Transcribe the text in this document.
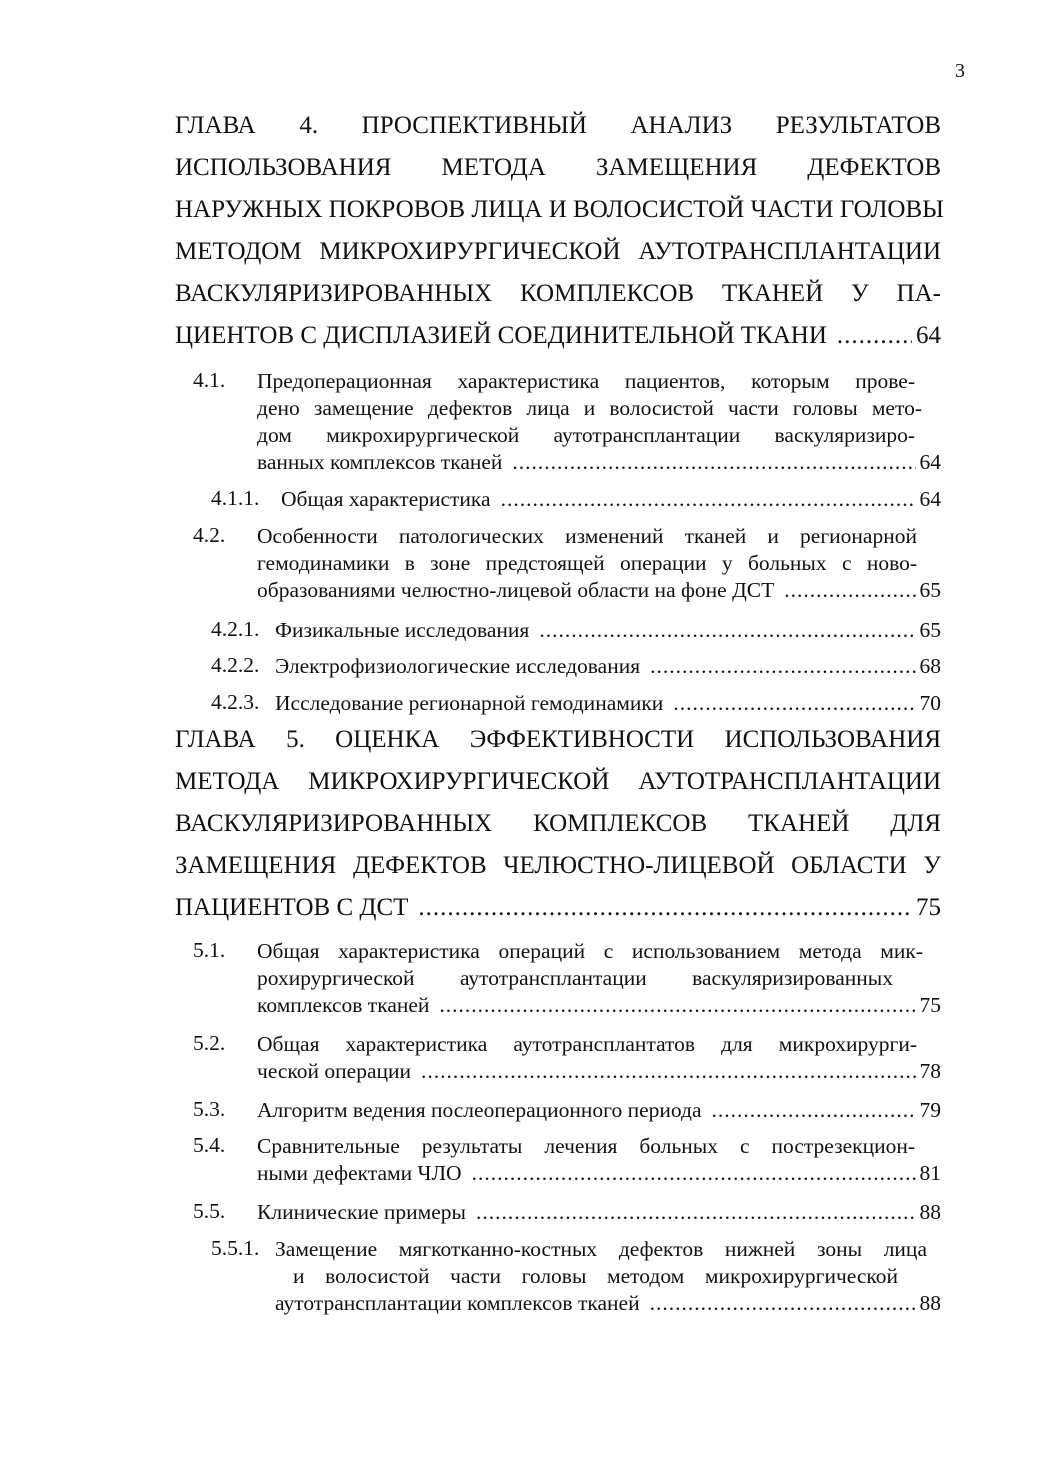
3
ГЛАВА 4. ПРОСПЕКТИВНЫЙ АНАЛИЗ РЕЗУЛЬТАТОВ
ИСПОЛЬЗОВАНИЯ МЕТОДА ЗАМЕЩЕНИЯ ДЕФЕКТОВ
НАРУЖНЫХ ПОКРОВОВ ЛИЦА И ВОЛОСИСТОЙ ЧАСТИ ГОЛОВЫ
МЕТОДОМ МИКРОХИРУРГИЧЕСКОЙ АУТОТРАНСПЛАНТАЦИИ
ВАСКУЛЯРИЗИРОВАННЫХ КОМПЛЕКСОВ ТКАНЕЙ У ПА-
ЦИЕНТОВ С ДИСПЛАЗИЕЙ СОЕДИНИТЕЛЬНОЙ ТКАНИ .....	64
4.1. Предоперационная характеристика пациентов, которым прове-
дено замещение дефектов лица и волосистой части головы мето-
дом микрохирургической аутотрансплантации васкуляризиро-
ванных комплексов тканей .....	64
4.1.1. Общая характеристика .....	64
4.2. Особенности патологических изменений тканей и регионарной
гемодинамики в зоне предстоящей операции у больных с ново-
образованиями челюстно-лицевой области на фоне ДСТ .....	65
4.2.1. Физикальные исследования .....	65
4.2.2. Электрофизиологические исследования .....	68
4.2.3. Исследование регионарной гемодинамики .....	70
ГЛАВА 5. ОЦЕНКА ЭФФЕКТИВНОСТИ ИСПОЛЬЗОВАНИЯ
МЕТОДА МИКРОХИРУРГИЧЕСКОЙ АУТОТРАНСПЛАНТАЦИИ
ВАСКУЛЯРИЗИРОВАННЫХ КОМПЛЕКСОВ ТКАНЕЙ ДЛЯ
ЗАМЕЩЕНИЯ ДЕФЕКТОВ ЧЕЛЮСТНО-ЛИЦЕВОЙ ОБЛАСТИ У
ПАЦИЕНТОВ С ДСТ .....	75
5.1. Общая характеристика операций с использованием метода мик-
рохирургической аутотрансплантации васкуляризированных
комплексов тканей .....	75
5.2. Общая характеристика аутотрансплантатов для микрохирурги-
ческой операции .....	78
5.3. Алгоритм ведения послеоперационного периода .....	79
5.4. Сравнительные результаты лечения больных с пострезекцион-
ными дефектами ЧЛО .....	81
5.5. Клинические примеры .....	88
5.5.1. Замещение мягкотканно-костных дефектов нижней зоны лица
и волосистой части головы методом микрохирургической
аутотрансплантации комплексов тканей .....	88
